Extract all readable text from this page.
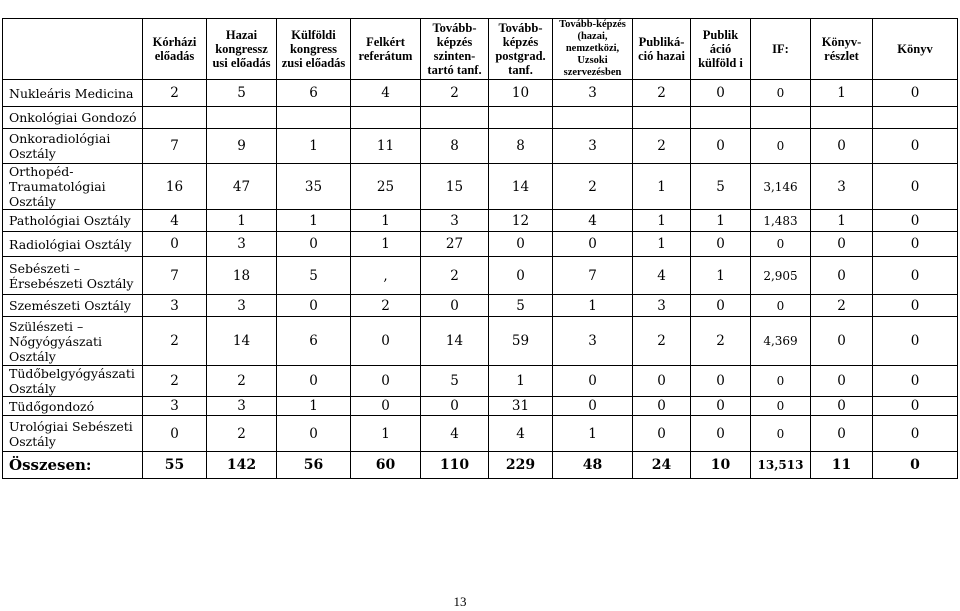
	Kórházi előadás	Hazai kongressz usi előadás	Külföldi kongress zusi előadás	Felkért referátum	Tovább-képzés szinten-tartó tanf.	Tovább-képzés postgrad. tanf.	Tovább-képzés (hazai, nemzetközi, Uzsoki szervezésben	Publiká-ció hazai	Publik áció külföld i	IF:	Könyv-részlet	Könyv
Nukleáris Medicina	2	5	6	4	2	10	3	2	0	0	1	0
Onkológiai Gondozó												
Onkoradiológiai Osztály	7	9	1	11	8	8	3	2	0	0	0	0
Orthopéd-Traumatológiai Osztály	16	47	35	25	15	14	2	1	5	3,146	3	0
Pathológiai Osztály	4	1	1	1	3	12	4	1	1	1,483	1	0
Radiológiai Osztály	0	3	0	1	27	0	0	1	0	0	0	0
Sebészeti – Érsebészeti Osztály	7	18	5	,	2	0	7	4	1	2,905	0	0
Szemészeti Osztály	3	3	0	2	0	5	1	3	0	0	2	0
Szülészeti – Nőgyógyászati Osztály	2	14	6	0	14	59	3	2	2	4,369	0	0
Tüdőbelgyógyászati Osztály	2	2	0	0	5	1	0	0	0	0	0	0
Tüdőgondozó	3	3	1	0	0	31	0	0	0	0	0	0
Urológiai Sebészeti Osztály	0	2	0	1	4	4	1	0	0	0	0	0
Összesen:	55	142	56	60	110	229	48	24	10	13,513	11	0
13
